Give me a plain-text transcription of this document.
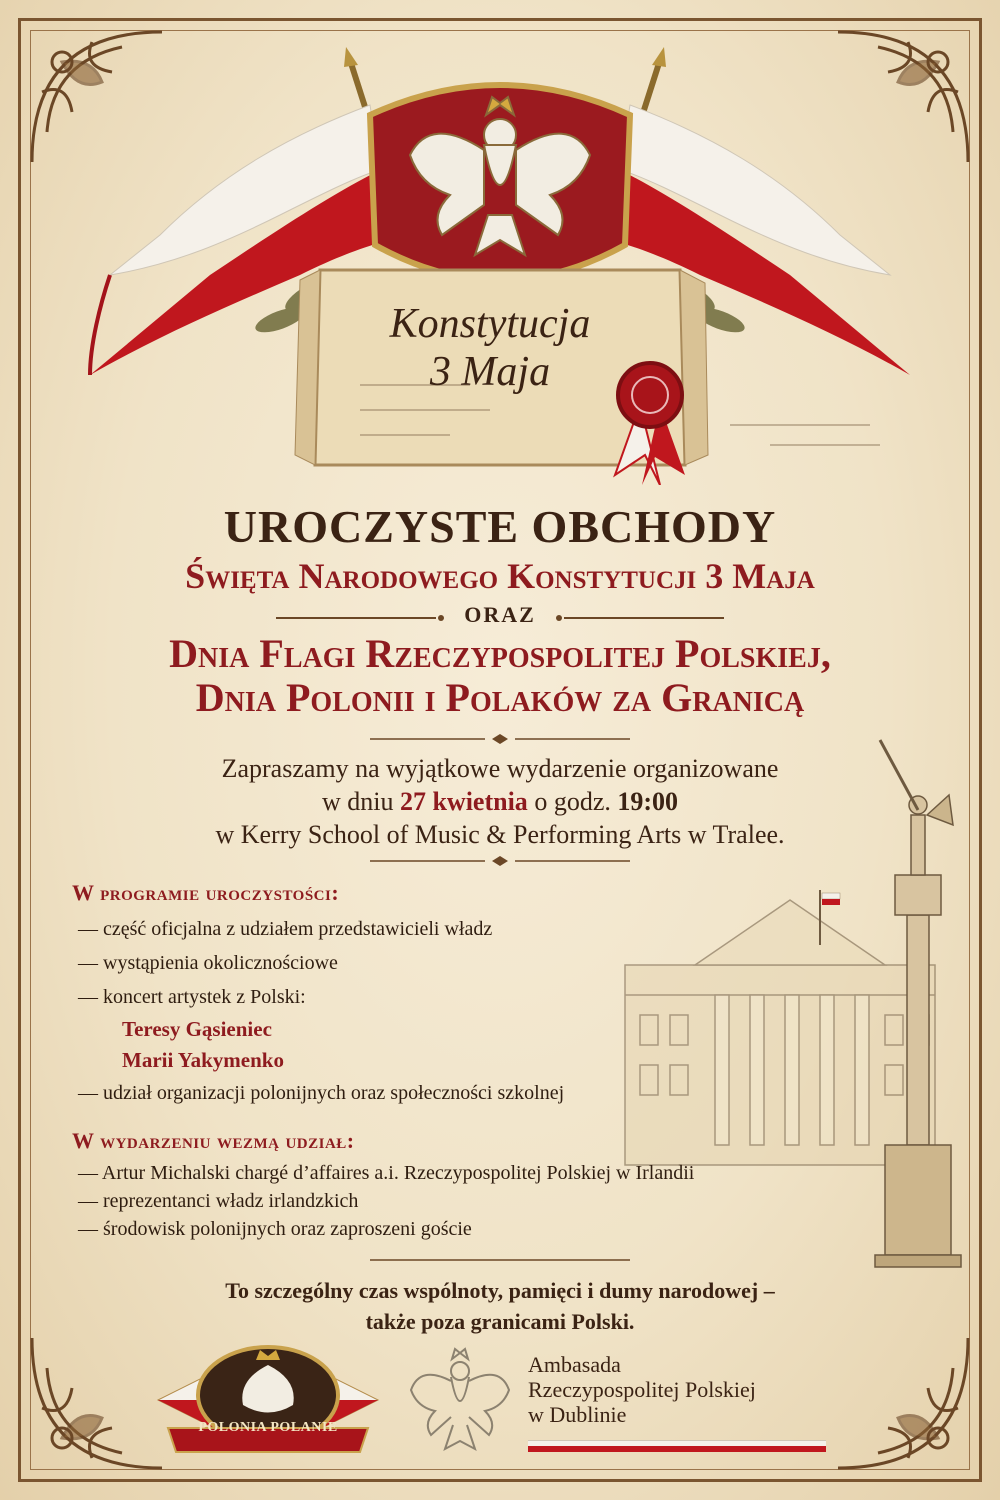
Konstytucja
3 Maja
UROCZYSTE OBCHODY
Święta Narodowego Konstytucji 3 Maja
ORAZ
Dnia Flagi Rzeczypospolitej Polskiej,
Dnia Polonii i Polaków za Granicą
Zapraszamy na wyjątkowe wydarzenie organizowane
w dniu 27 kwietnia o godz. 19:00
w Kerry School of Music & Performing Arts w Tralee.
W programie uroczystości:
— część oficjalna z udziałem przedstawicieli władz
— wystąpienia okolicznościowe
— koncert artystek z Polski:
Teresy Gąsieniec
Marii Yakymenko
— udział organizacji polonijnych oraz społeczności szkolnej
W wydarzeniu wezmą udział:
— Artur Michalski chargé d’affaires a.i. Rzeczypospolitej Polskiej w Irlandii
— reprezentanci władz irlandzkich
— środowisk polonijnych oraz zaproszeni goście
To szczególny czas wspólnoty, pamięci i dumy narodowej –
także poza granicami Polski.
POLONIA POLANIE
Ambasada
Rzeczypospolitej Polskiej
w Dublinie
